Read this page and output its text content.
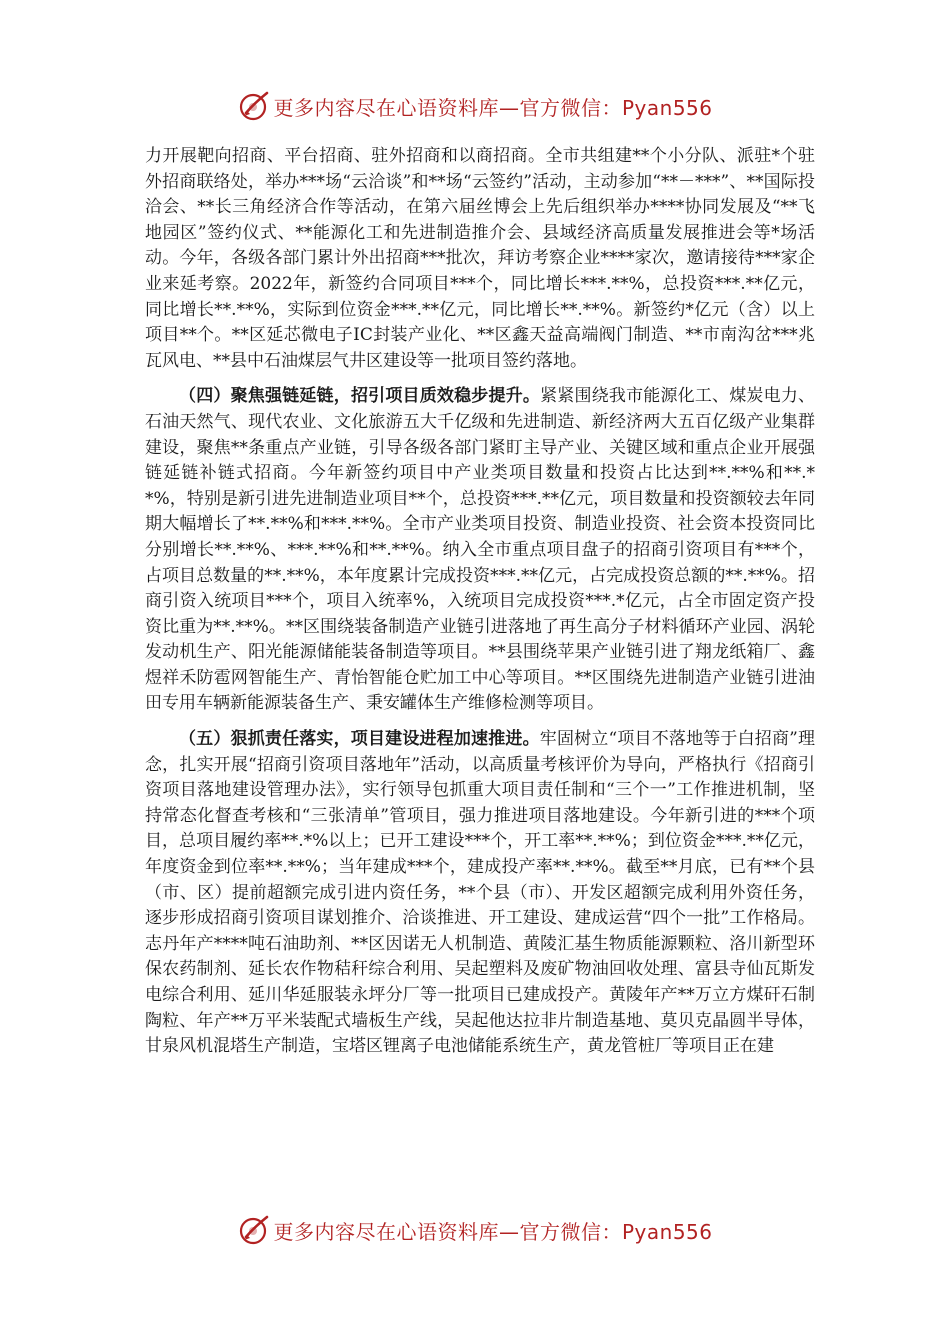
更多内容尽在心语资料库—官方微信：Pyan556

力开展靶向招商、平台招商、驻外招商和以商招商。全市共组建**个小分队、派驻*个驻外招商联络处，举办***场“云洽谈”和**场“云签约”活动，主动参加“**－***”、**国际投洽会、**长三角经济合作等活动，在第六届丝博会上先后组织举办****协同发展及“**飞地园区”签约仪式、**能源化工和先进制造推介会、县域经济高质量发展推进会等*场活动。今年，各级各部门累计外出招商***批次，拜访考察企业****家次，邀请接待***家企业来延考察。2022年，新签约合同项目***个，同比增长***.**%，总投资***.**亿元，同比增长**.**%，实际到位资金***.**亿元，同比增长**.**%。新签约*亿元（含）以上项目**个。**区延芯微电子IC封装产业化、**区鑫天益高端阀门制造、**市南沟岔***兆瓦风电、**县中石油煤层气井区建设等一批项目签约落地。

（四）聚焦强链延链，招引项目质效稳步提升。紧紧围绕我市能源化工、煤炭电力、石油天然气、现代农业、文化旅游五大千亿级和先进制造、新经济两大五百亿级产业集群建设，聚焦**条重点产业链，引导各级各部门紧盯主导产业、关键区域和重点企业开展强链延链补链式招商。今年新签约项目中产业类项目数量和投资占比达到**.**%和**.**%，特别是新引进先进制造业项目**个，总投资***.**亿元，项目数量和投资额较去年同期大幅增长了**.**%和***.**%。全市产业类项目投资、制造业投资、社会资本投资同比分别增长**.**%、***.**%和**.**%。纳入全市重点项目盘子的招商引资项目有***个，占项目总数量的**.**%，本年度累计完成投资***.**亿元，占完成投资总额的**.**%。招商引资入统项目***个，项目入统率%，入统项目完成投资***.*亿元，占全市固定资产投资比重为**.**%。**区围绕装备制造产业链引进落地了再生高分子材料循环产业园、涡轮发动机生产、阳光能源储能装备制造等项目。**县围绕苹果产业链引进了翔龙纸箱厂、鑫煜祥禾防雹网智能生产、青怡智能仓贮加工中心等项目。**区围绕先进制造产业链引进油田专用车辆新能源装备生产、秉安罐体生产维修检测等项目。

（五）狠抓责任落实，项目建设进程加速推进。牢固树立“项目不落地等于白招商”理念，扎实开展“招商引资项目落地年”活动，以高质量考核评价为导向，严格执行《招商引资项目落地建设管理办法》，实行领导包抓重大项目责任制和“三个一”工作推进机制，坚持常态化督查考核和“三张清单”管项目，强力推进项目落地建设。今年新引进的***个项目，总项目履约率**.*%以上；已开工建设***个，开工率**.**%；到位资金***.**亿元，年度资金到位率**.**%；当年建成***个，建成投产率**.**%。截至**月底，已有**个县（市、区）提前超额完成引进内资任务，**个县（市）、开发区超额完成利用外资任务，逐步形成招商引资项目谋划推介、洽谈推进、开工建设、建成运营“四个一批”工作格局。志丹年产****吨石油助剂、**区因诺无人机制造、黄陵汇基生物质能源颗粒、洛川新型环保农药制剂、延长农作物秸秆综合利用、吴起塑料及废矿物油回收处理、富县寺仙瓦斯发电综合利用、延川华延服装永坪分厂等一批项目已建成投产。黄陵年产**万立方煤矸石制陶粒、年产**万平米装配式墙板生产线，吴起他达拉非片制造基地、莫贝克晶圆半导体，甘泉风机混塔生产制造，宝塔区锂离子电池储能系统生产，黄龙管桩厂等项目正在建

更多内容尽在心语资料库—官方微信：Pyan556
